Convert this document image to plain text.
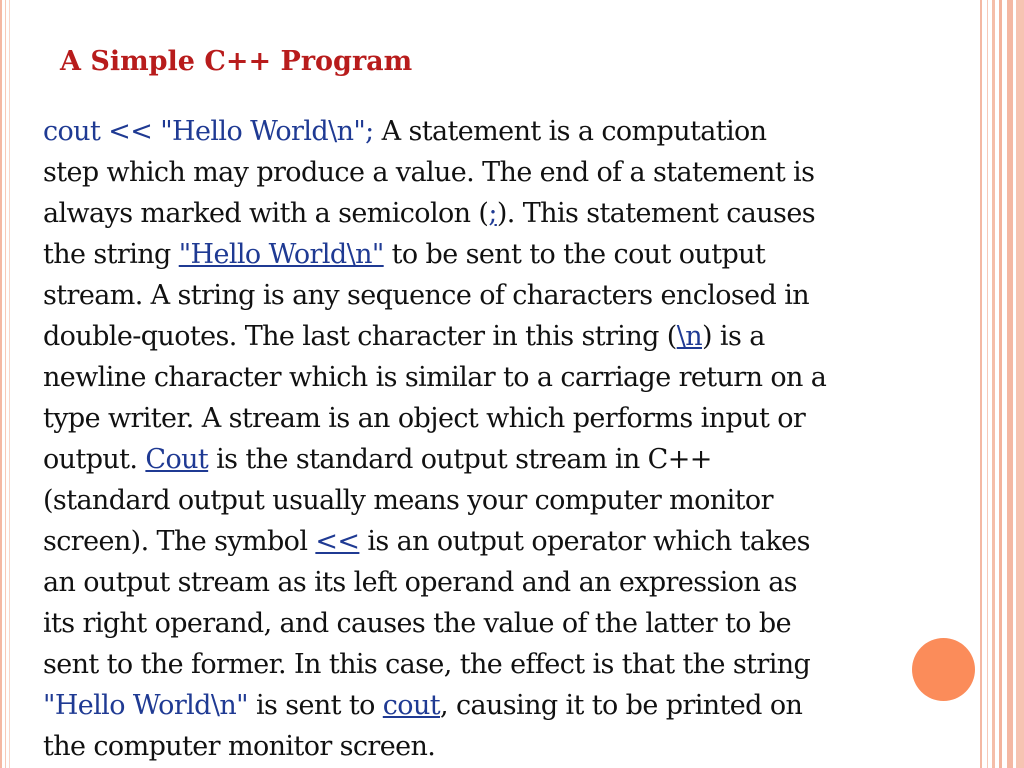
A Simple C++ Program
cout << "Hello World\n"; A statement is a computation
step which may produce a value. The end of a statement is
always marked with a semicolon (;). This statement causes
the string "Hello World\n" to be sent to the cout output
stream. A string is any sequence of characters enclosed in
double-quotes. The last character in this string (\n) is a
newline character which is similar to a carriage return on a
type writer. A stream is an object which performs input or
output. Cout is the standard output stream in C++
(standard output usually means your computer monitor
screen). The symbol << is an output operator which takes
an output stream as its left operand and an expression as
its right operand, and causes the value of the latter to be
sent to the former. In this case, the effect is that the string
"Hello World\n" is sent to cout, causing it to be printed on
the computer monitor screen.
